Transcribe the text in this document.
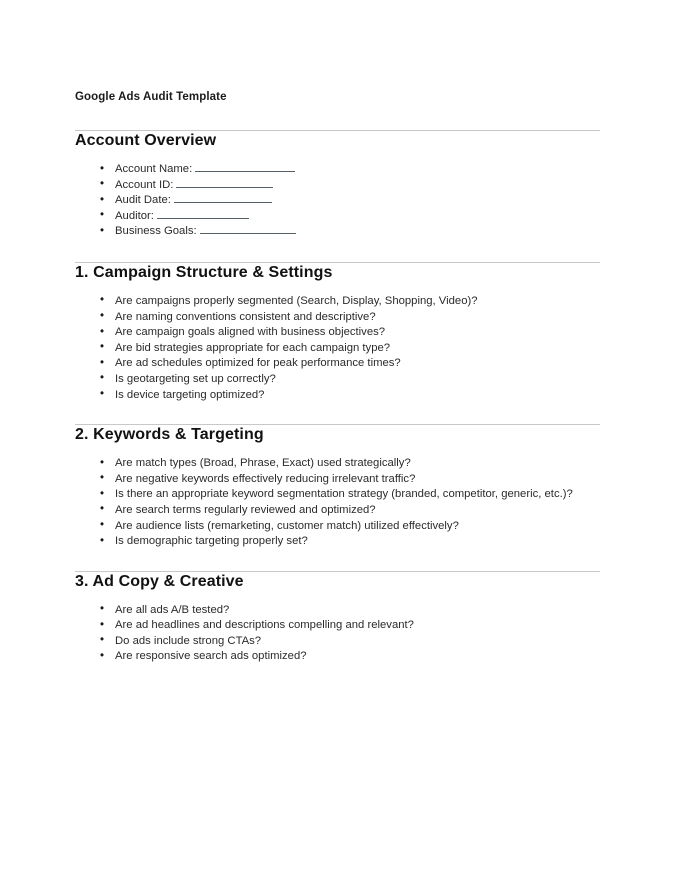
Google Ads Audit Template
Account Overview
• Account Name:
• Account ID:
• Audit Date:
• Auditor:
• Business Goals:
1. Campaign Structure & Settings
• Are campaigns properly segmented (Search, Display, Shopping, Video)?
• Are naming conventions consistent and descriptive?
• Are campaign goals aligned with business objectives?
• Are bid strategies appropriate for each campaign type?
• Are ad schedules optimized for peak performance times?
• Is geotargeting set up correctly?
• Is device targeting optimized?
2. Keywords & Targeting
• Are match types (Broad, Phrase, Exact) used strategically?
• Are negative keywords effectively reducing irrelevant traffic?
• Is there an appropriate keyword segmentation strategy (branded, competitor, generic, etc.)?
• Are search terms regularly reviewed and optimized?
• Are audience lists (remarketing, customer match) utilized effectively?
• Is demographic targeting properly set?
3. Ad Copy & Creative
• Are all ads A/B tested?
• Are ad headlines and descriptions compelling and relevant?
• Do ads include strong CTAs?
• Are responsive search ads optimized?
